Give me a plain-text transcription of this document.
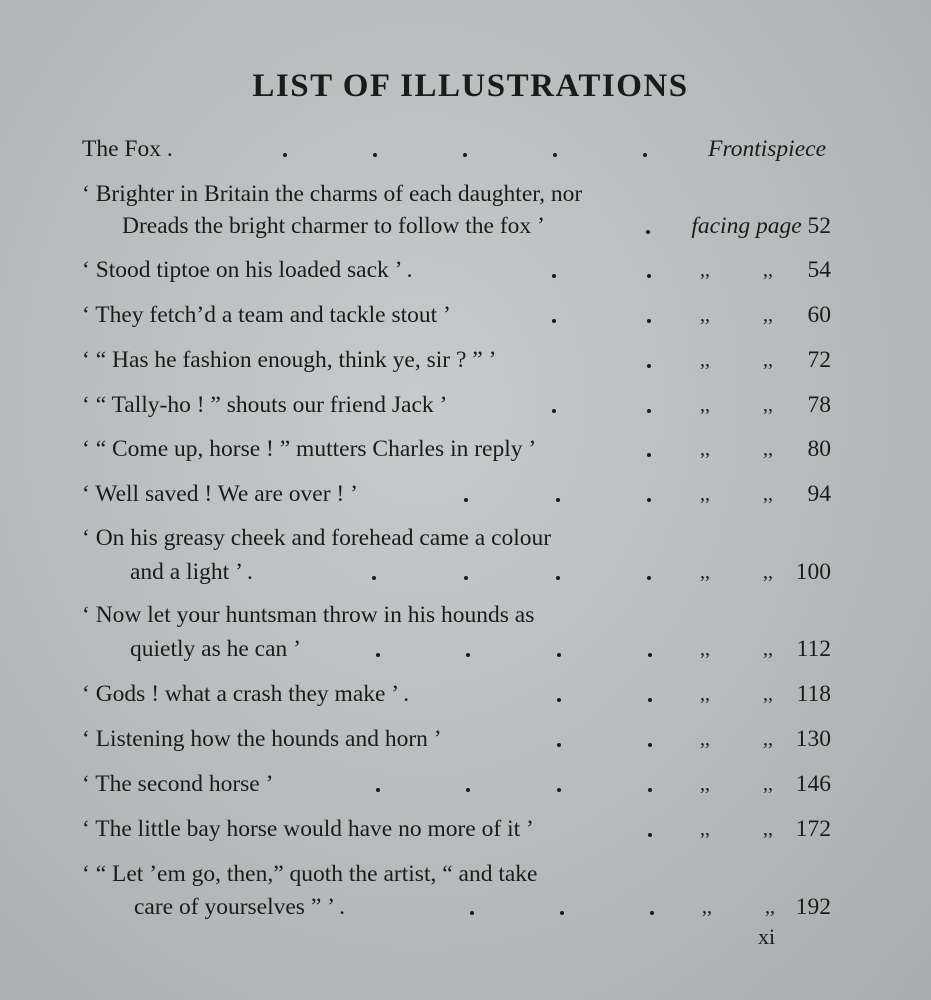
LIST OF ILLUSTRATIONS
The Fox .	Frontispiece
‘ Brighter in Britain the charms of each daughter, nor
Dreads the bright charmer to follow the fox ’	facing page 52
‘ Stood tiptoe on his loaded sack ’ .	,,	,, 54
‘ They fetch’d a team and tackle stout ’	,,	,, 60
‘ “ Has he fashion enough, think ye, sir ? ” ’	,,	,, 72
‘ “ Tally-ho ! ” shouts our friend Jack ’	,,	,, 78
‘ “ Come up, horse ! ” mutters Charles in reply ’	,,	,, 80
‘ Well saved ! We are over ! ’	,,	,, 94
‘ On his greasy cheek and forehead came a colour
and a light ’ .	,,	,, 100
‘ Now let your huntsman throw in his hounds as
quietly as he can ’	,,	,, 112
‘ Gods ! what a crash they make ’ .	,,	,, 118
‘ Listening how the hounds and horn ’	,,	,, 130
‘ The second horse ’	,,	,, 146
‘ The little bay horse would have no more of it ’	,,	,, 172
‘ “ Let ’em go, then,” quoth the artist, “ and take
care of yourselves ” ’ .	,,	,, 192
xi
